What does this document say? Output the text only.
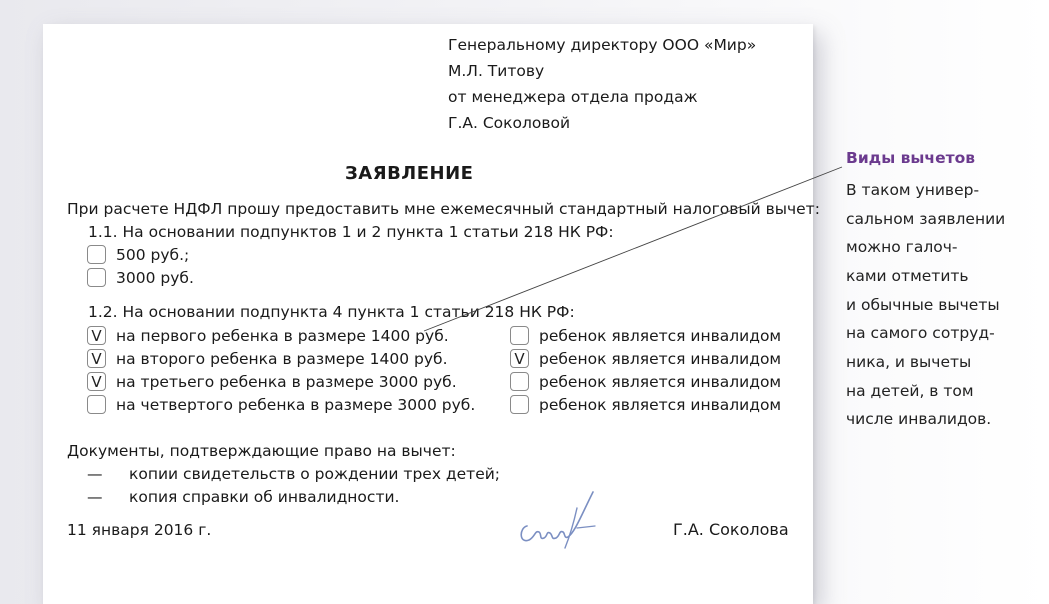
Генеральному директору ООО «Мир»
М.Л. Титову
от менеджера отдела продаж
Г.А. Соколовой
ЗАЯВЛЕНИЕ
При расчете НДФЛ прошу предоставить мне ежемесячный стандартный налоговый вычет:
1.1. На основании подпунктов 1 и 2 пункта 1 статьи 218 НК РФ:
500 руб.;
3000 руб.
1.2. На основании подпункта 4 пункта 1 статьи 218 НК РФ:
V на первого ребенка в размере 1400 руб.	ребенок является инвалидом
V на второго ребенка в размере 1400 руб.	V ребенок является инвалидом
V на третьего ребенка в размере 3000 руб.	ребенок является инвалидом
на четвертого ребенка в размере 3000 руб.	ребенок является инвалидом
Документы, подтверждающие право на вычет:
— копии свидетельств о рождении трех детей;
— копия справки об инвалидности.
11 января 2016 г.	Г.А. Соколова
Виды вычетов
В таком универ-
сальном заявлении
можно галоч-
ками отметить
и обычные вычеты
на самого сотруд-
ника, и вычеты
на детей, в том
числе инвалидов.
